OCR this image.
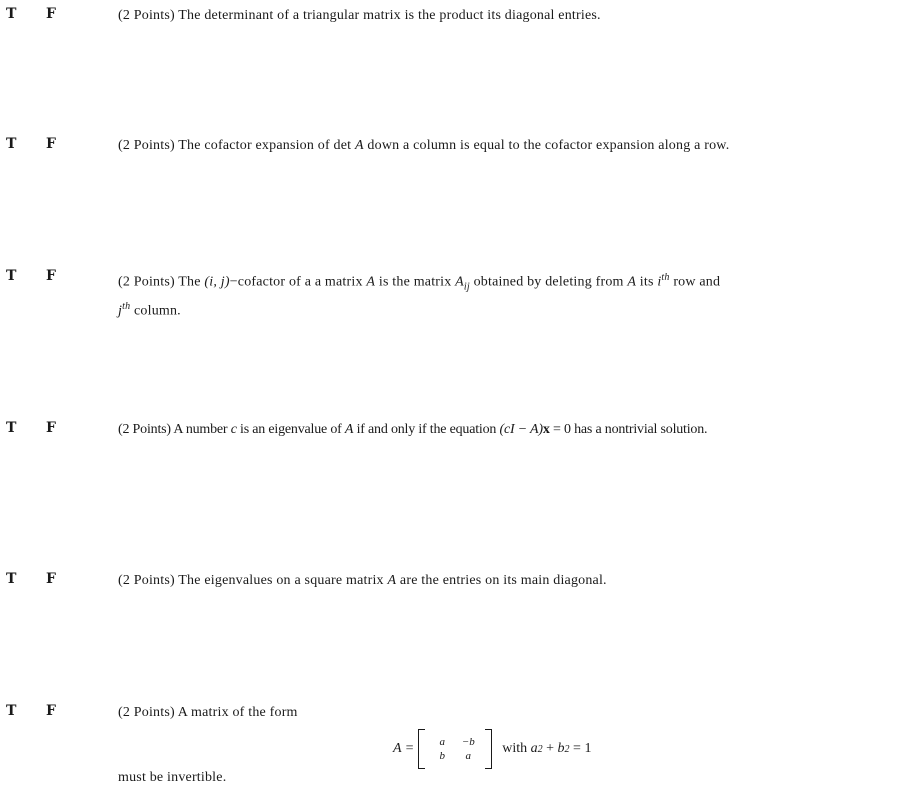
T F	(2 Points) The determinant of a triangular matrix is the product its diagonal entries.
T F	(2 Points) The cofactor expansion of det A down a column is equal to the cofactor expansion along a row.
T F	(2 Points) The (i, j)−cofactor of a a matrix A is the matrix $A_{ij}$ obtained by deleting from A its $i^{th}$ row and
$j^{th}$ column.
T F	(2 Points) A number c is an eigenvalue of A if and only if the equation (cI − A)x = 0 has a nontrivial solution.
T F	(2 Points) The eigenvalues on a square matrix A are the entries on its main diagonal.
T F	(2 Points) A matrix of the form
A =	a	−b
b	a	with
a 2
+
b 2
= 1
must be invertible.
